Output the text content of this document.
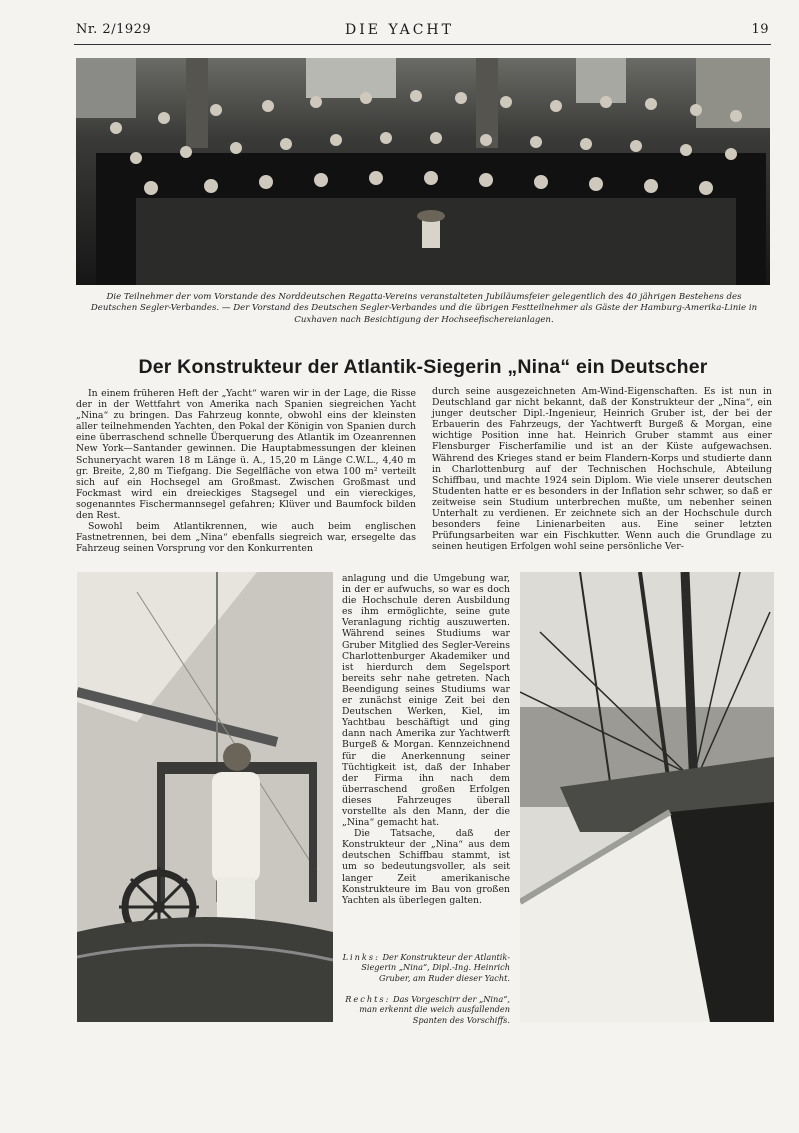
Nr. 2/1929	DIE YACHT	19
Die Teilnehmer der vom Vorstande des Norddeutschen Regatta-Vereins veranstalteten Jubiläumsfeier gelegentlich des 40 jährigen Bestehens des Deutschen Segler-Verbandes. — Der Vorstand des Deutschen Segler-Verbandes und die übrigen Festteilnehmer als Gäste der Hamburg-Amerika-Linie in Cuxhaven nach Besichtigung der Hochseefischereianlagen.
Der Konstrukteur der Atlantik-Siegerin „Nina“ ein Deutscher

In einem früheren Heft der „Yacht“ waren wir in der Lage, die Risse der in der Wettfahrt von Amerika nach Spanien siegreichen Yacht „Nina“ zu bringen. Das Fahrzeug konnte, obwohl eins der kleinsten aller teilnehmenden Yachten, den Pokal der Königin von Spanien durch eine überraschend schnelle Überquerung des Atlantik im Ozeanrennen New York—Santander gewinnen. Die Hauptabmessungen der kleinen Schuneryacht waren 18 m Länge ü. A., 15,20 m Länge C.W.L., 4,40 m gr. Breite, 2,80 m Tiefgang. Die Segelfläche von etwa 100 m² verteilt sich auf ein Hochsegel am Großmast. Zwischen Großmast und Fockmast wird ein dreieckiges Stagsegel und ein viereckiges, sogenanntes Fischermannsegel gefahren; Klüver und Baumfock bilden den Rest.

Sowohl beim Atlantikrennen, wie auch beim englischen Fastnetrennen, bei dem „Nina“ ebenfalls siegreich war, ersegelte das Fahrzeug seinen Vorsprung vor den Konkurrenten

durch seine ausgezeichneten Am-Wind-Eigenschaften. Es ist nun in Deutschland gar nicht bekannt, daß der Konstrukteur der „Nina“, ein junger deutscher Dipl.-Ingenieur, Heinrich Gruber ist, der bei der Erbauerin des Fahrzeugs, der Yachtwerft Burgeß & Morgan, eine wichtige Position inne hat. Heinrich Gruber stammt aus einer Flensburger Fischerfamilie und ist an der Küste aufgewachsen. Während des Krieges stand er beim Flandern-Korps und studierte dann in Charlottenburg auf der Technischen Hochschule, Abteilung Schiffbau, und machte 1924 sein Diplom. Wie viele unserer deutschen Studenten hatte er es besonders in der Inflation sehr schwer, so daß er zeitweise sein Studium unterbrechen mußte, um nebenher seinen Unterhalt zu verdienen. Er zeichnete sich an der Hochschule durch besonders feine Linienarbeiten aus. Eine seiner letzten Prüfungsarbeiten war ein Fischkutter. Wenn auch die Grundlage zu seinen heutigen Erfolgen wohl seine persönliche Ver-

anlagung und die Umgebung war, in der er aufwuchs, so war es doch die Hochschule deren Ausbildung es ihm ermöglichte, seine gute Veranlagung richtig auszuwerten. Während seines Studiums war Gruber Mitglied des Segler-Vereins Charlottenburger Akademiker und ist hierdurch dem Segelsport bereits sehr nahe getreten. Nach Beendigung seines Studiums war er zunächst einige Zeit bei den Deutschen Werken, Kiel, im Yachtbau beschäftigt und ging dann nach Amerika zur Yachtwerft Burgeß & Morgan. Kennzeichnend für die Anerkennung seiner Tüchtigkeit ist, daß der Inhaber der Firma ihn nach dem überraschend großen Erfolgen dieses Fahrzeuges überall vorstellte als den Mann, der die „Nina“ gemacht hat.

Die Tatsache, daß der Konstrukteur der „Nina“ aus dem deutschen Schiffbau stammt, ist um so bedeutungsvoller, als seit langer Zeit amerikanische Konstrukteure im Bau von großen Yachten als überlegen galten.

Links: Der Konstrukteur der Atlantik-Siegerin „Nina“, Dipl.-Ing. Heinrich Gruber, am Ruder dieser Yacht.
Rechts: Das Vorgeschirr der „Nina“, man erkennt die weich ausfallenden Spanten des Vorschiffs.
